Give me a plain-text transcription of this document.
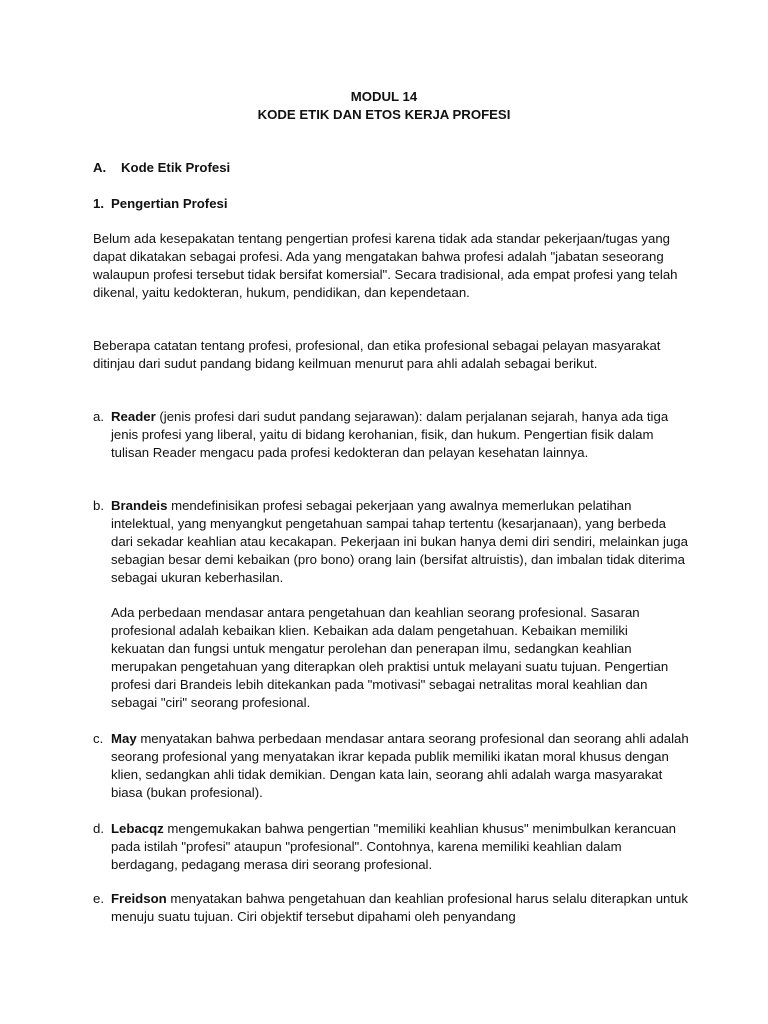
MODUL 14
KODE ETIK DAN ETOS KERJA PROFESI
A. Kode Etik Profesi
1. Pengertian Profesi

Belum ada kesepakatan tentang pengertian profesi karena tidak ada standar pekerjaan/tugas yang dapat dikatakan sebagai profesi. Ada yang mengatakan bahwa profesi adalah "jabatan seseorang walaupun profesi tersebut tidak bersifat komersial". Secara tradisional, ada empat profesi yang telah dikenal, yaitu kedokteran, hukum, pendidikan, dan kependetaan.

Beberapa catatan tentang profesi, profesional, dan etika profesional sebagai pelayan masyarakat ditinjau dari sudut pandang bidang keilmuan menurut para ahli adalah sebagai berikut.

a. Reader (jenis profesi dari sudut pandang sejarawan): dalam perjalanan sejarah, hanya ada tiga jenis profesi yang liberal, yaitu di bidang kerohanian, fisik, dan hukum. Pengertian fisik dalam tulisan Reader mengacu pada profesi kedokteran dan pelayan kesehatan lainnya.

b. Brandeis mendefinisikan profesi sebagai pekerjaan yang awalnya memerlukan pelatihan intelektual, yang menyangkut pengetahuan sampai tahap tertentu (kesarjanaan), yang berbeda dari sekadar keahlian atau kecakapan. Pekerjaan ini bukan hanya demi diri sendiri, melainkan juga sebagian besar demi kebaikan (pro bono) orang lain (bersifat altruistis), dan imbalan tidak diterima sebagai ukuran keberhasilan.

Ada perbedaan mendasar antara pengetahuan dan keahlian seorang profesional. Sasaran profesional adalah kebaikan klien. Kebaikan ada dalam pengetahuan. Kebaikan memiliki kekuatan dan fungsi untuk mengatur perolehan dan penerapan ilmu, sedangkan keahlian merupakan pengetahuan yang diterapkan oleh praktisi untuk melayani suatu tujuan. Pengertian profesi dari Brandeis lebih ditekankan pada "motivasi" sebagai netralitas moral keahlian dan sebagai "ciri" seorang profesional.

c. May menyatakan bahwa perbedaan mendasar antara seorang profesional dan seorang ahli adalah seorang profesional yang menyatakan ikrar kepada publik memiliki ikatan moral khusus dengan klien, sedangkan ahli tidak demikian. Dengan kata lain, seorang ahli adalah warga masyarakat biasa (bukan profesional).

d. Lebacqz mengemukakan bahwa pengertian "memiliki keahlian khusus" menimbulkan kerancuan pada istilah "profesi" ataupun "profesional". Contohnya, karena memiliki keahlian dalam berdagang, pedagang merasa diri seorang profesional.

e. Freidson menyatakan bahwa pengetahuan dan keahlian profesional harus selalu diterapkan untuk menuju suatu tujuan. Ciri objektif tersebut dipahami oleh penyandang
